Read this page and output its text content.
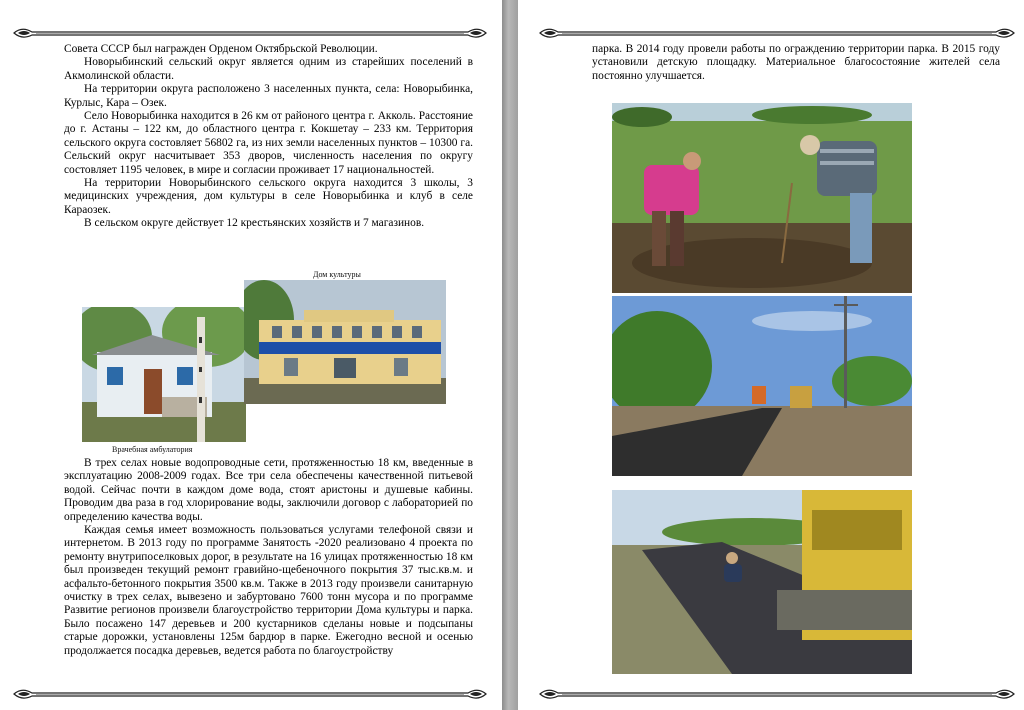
Совета СССР был награжден Орденом Октябрьской Революции.

Новорыбинский сельский округ является одним из старейших поселений в Акмолинской области.

На территории округа расположено 3 населенных пункта, села: Новорыбинка, Курлыс, Кара – Озек.

Село Новорыбинка находится в 26 км от районого центра г. Акколь. Расстояние до г. Астаны – 122 км, до областного центра г. Кокшетау – 233 км. Территория сельского округа состовляет 56802 га, из них земли населенных пунктов – 10300 га. Сельский округ насчитывает 353 дворов, численность населения по округу состовляет 1195 человек, в мире и согласии проживает 17 национальностей.

На территории Новорыбинского сельского округа находится 3 школы, 3 медицинских учреждения, дом культуры в селе Новорыбинка и клуб в селе Караозек.

В сельском округе действует 12 крестьянских хозяйств и 7 магазинов.

Дом культуры
Врачебная амбулатория

В трех селах новые водопроводные сети, протяженностью 18 км, введенные в эксплуатацию 2008-2009 годах. Все три села обеспечены качественной питьевой водой. Сейчас почти в каждом доме вода, стоят аристоны и душевые кабины. Проводим два раза в год хлорирование воды, заключили договор с лабораторией по определению качества воды.

Каждая семья имеет возможность пользоваться услугами телефоной связи и интернетом. В 2013 году по программе Занятость -2020 реализовано 4 проекта по ремонту внутрипоселковых дорог, в результате на 16 улицах протяженностью 18 км был произведен текущий ремонт гравийно-щебеночного покрытия 37 тыс.кв.м. и асфальто-бетонного покрытия 3500 кв.м. Также в 2013 году произвели санитарную очистку в трех селах, вывезено и забуртовано 7600 тонн мусора и по программе Развитие регионов произвели благоустройство территории Дома культуры и парка. Было посажено 147 деревьев и 200 кустарников сделаны новые и подсыпаны старые дорожки, установлены 125м бардюр в парке. Ежегодно весной и осенью продолжается посадка деревьев, ведется работа по благоустройству

парка. В 2014 году провели работы по ограждению территории парка. В 2015 году установили детскую площадку. Материальное благосостояние жителей села постоянно улучшается.
